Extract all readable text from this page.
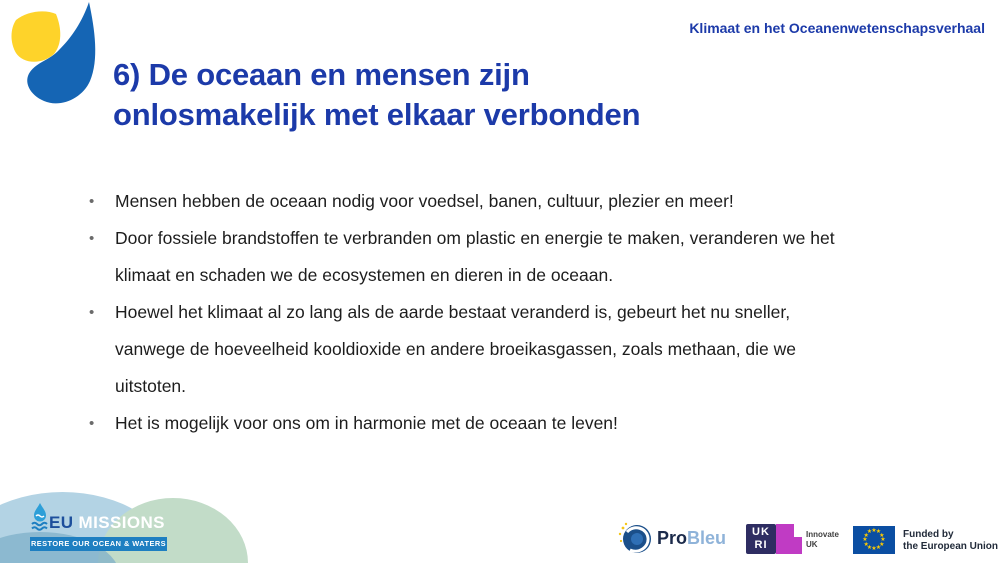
Klimaat en het Oceanenwetenschapsverhaal
6) De oceaan en mensen zijn
onlosmakelijk met elkaar verbonden
• Mensen hebben de oceaan nodig voor voedsel, banen, cultuur, plezier en meer!
• Door fossiele brandstoffen te verbranden om plastic en energie te maken, veranderen we het klimaat en schaden we de ecosystemen en dieren in de oceaan.
• Hoewel het klimaat al zo lang als de aarde bestaat veranderd is, gebeurt het nu sneller, vanwege de hoeveelheid kooldioxide en andere broeikasgassen, zoals methaan, die we uitstoten.
• Het is mogelijk voor ons om in harmonie met de oceaan te leven!
EU MISSIONS
RESTORE OUR OCEAN & WATERS	ProBleu	UK
RI
Innovate
UK
★ ★
★
★
★
★
★
★
★
★
★
★	Funded by
the European Union
